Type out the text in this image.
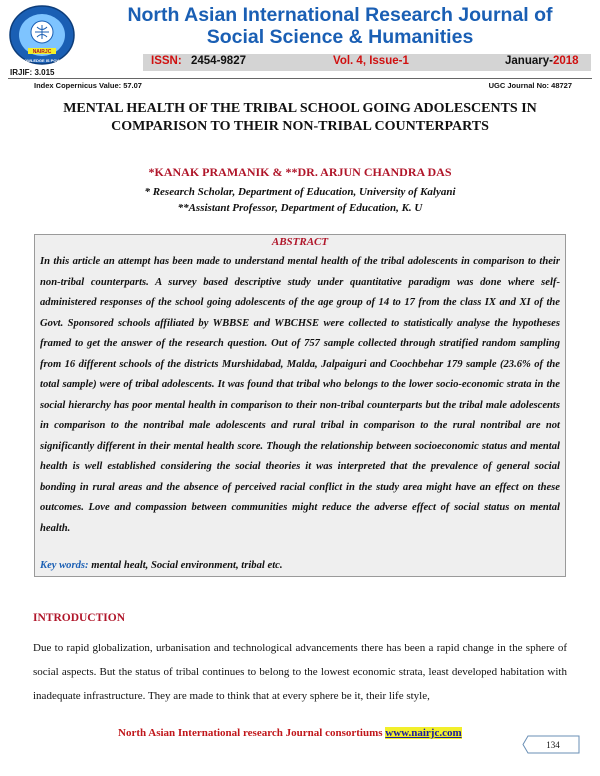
NAIRJC
KNOWLEDGE IS POWER
North Asian International Research Journal of
Social Science & Humanities
ISSN: 2454-9827	Vol. 4, Issue-1	January-2018
IRJIF: 3.015
Index Copernicus Value: 57.07	UGC Journal No: 48727
MENTAL HEALTH OF THE TRIBAL SCHOOL GOING ADOLESCENTS IN
COMPARISON TO THEIR NON-TRIBAL COUNTERPARTS
*KANAK PRAMANIK & **DR. ARJUN CHANDRA DAS
* Research Scholar, Department of Education, University of Kalyani
**Assistant Professor, Department of Education, K. U
ABSTRACT
In this article an attempt has been made to understand mental health of the tribal adolescents in comparison to their non-tribal counterparts. A survey based descriptive study under quantitative paradigm was done where self-administered responses of the school going adolescents of the age group of 14 to 17 from the class IX and XI of the Govt. Sponsored schools affiliated by WBBSE and WBCHSE were collected to statistically analyse the hypotheses framed to get the answer of the research question. Out of 757 sample collected through stratified random sampling from 16 different schools of the districts Murshidabad, Malda, Jalpaiguri and Coochbehar 179 sample (23.6% of the total sample) were of tribal adolescents. It was found that tribal who belongs to the lower socio-economic strata in the social hierarchy has poor mental health in comparison to their non-tribal counterparts but the tribal male adolescents in comparison to the nontribal male adolescents and rural tribal in comparison to the rural nontribal are not significantly different in their mental health score. Though the relationship between socioeconomic status and mental health is well established considering the social theories it was interpreted that the prevalence of general social bonding in rural areas and the absence of perceived racial conflict in the study area might have an effect on these outcomes. Love and compassion between communities might reduce the adverse effect of social status on mental health.
Key words: mental healt, Social environment, tribal etc.
INTRODUCTION
Due to rapid globalization, urbanisation and technological advancements there has been a rapid change in the sphere of social aspects. But the status of tribal continues to belong to the lowest economic strata, least developed habitation with inadequate infrastructure. They are made to think that at every sphere be it, their life style,
North Asian International research Journal consortiums www.nairjc.com
134
